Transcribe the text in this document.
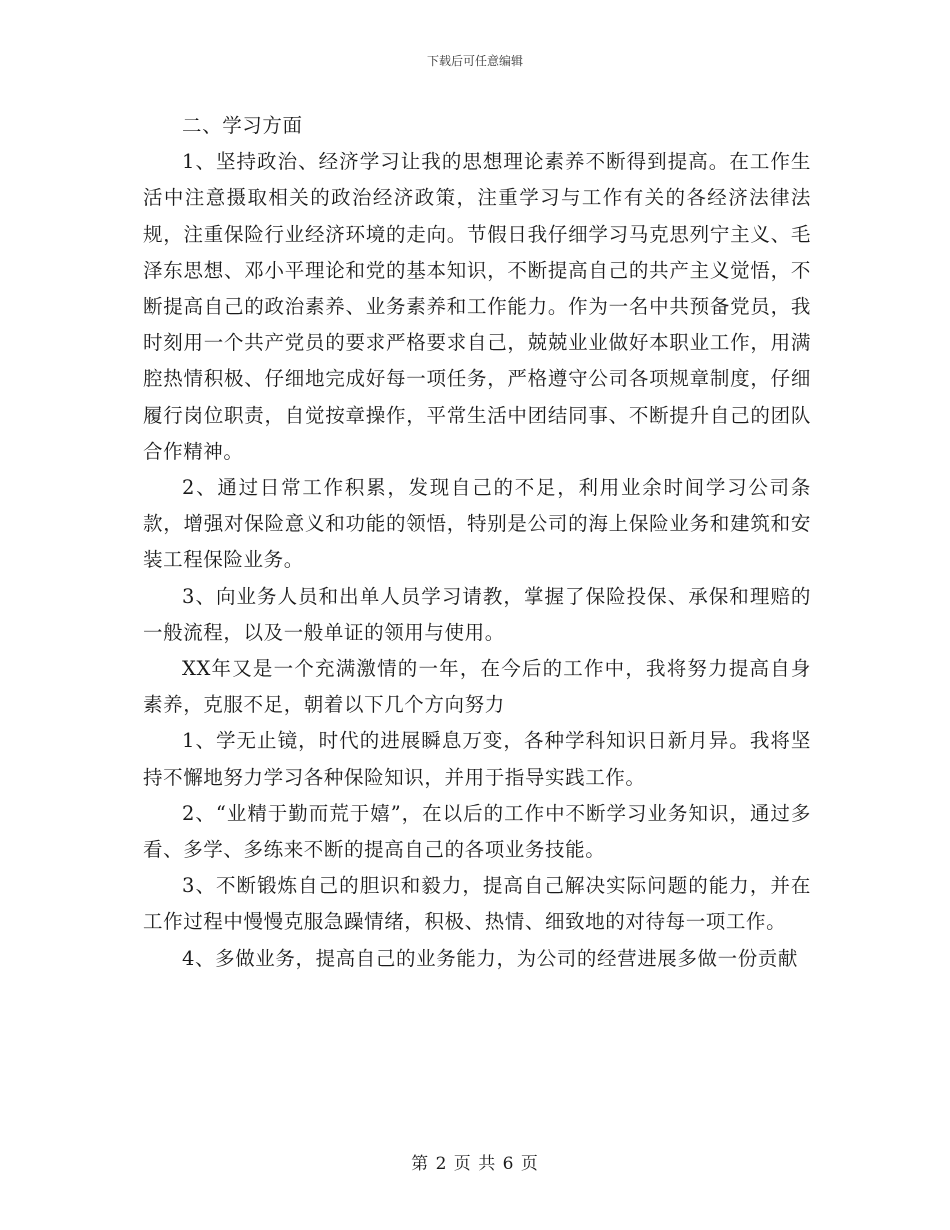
下载后可任意编辑

二、学习方面

1、坚持政治、经济学习让我的思想理论素养不断得到提高。在工作生活中注意摄取相关的政治经济政策，注重学习与工作有关的各经济法律法规，注重保险行业经济环境的走向。节假日我仔细学习马克思列宁主义、毛泽东思想、邓小平理论和党的基本知识，不断提高自己的共产主义觉悟，不断提高自己的政治素养、业务素养和工作能力。作为一名中共预备党员，我时刻用一个共产党员的要求严格要求自己，兢兢业业做好本职业工作，用满腔热情积极、仔细地完成好每一项任务，严格遵守公司各项规章制度，仔细履行岗位职责，自觉按章操作，平常生活中团结同事、不断提升自己的团队合作精神。

2、通过日常工作积累，发现自己的不足，利用业余时间学习公司条款，增强对保险意义和功能的领悟，特别是公司的海上保险业务和建筑和安装工程保险业务。

3、向业务人员和出单人员学习请教，掌握了保险投保、承保和理赔的一般流程，以及一般单证的领用与使用。

XX年又是一个充满激情的一年，在今后的工作中，我将努力提高自身素养，克服不足，朝着以下几个方向努力

1、学无止镜，时代的进展瞬息万变，各种学科知识日新月异。我将坚持不懈地努力学习各种保险知识，并用于指导实践工作。

2、“业精于勤而荒于嬉”，在以后的工作中不断学习业务知识，通过多看、多学、多练来不断的提高自己的各项业务技能。

3、不断锻炼自己的胆识和毅力，提高自己解决实际问题的能力，并在工作过程中慢慢克服急躁情绪，积极、热情、细致地的对待每一项工作。

4、多做业务，提高自己的业务能力，为公司的经营进展多做一份贡献

第 2 页 共 6 页
